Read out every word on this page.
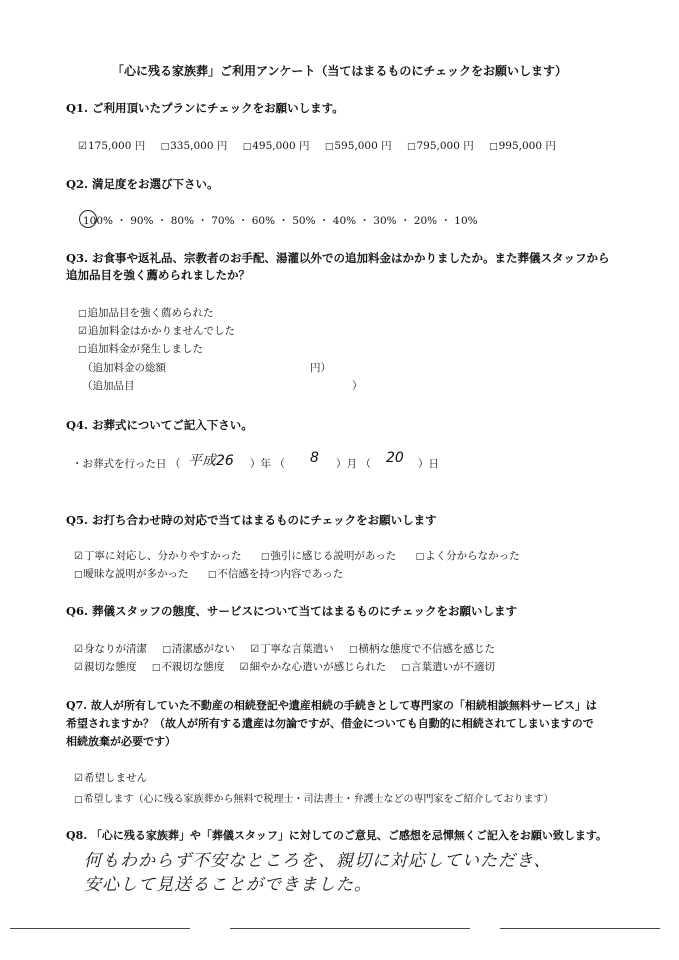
「心に残る家族葬」ご利用アンケート（当てはまるものにチェックをお願いします）
Q1. ご利用頂いたプランにチェックをお願いします。
☑ 175,000 円 □ 335,000 円 □ 495,000 円 □ 595,000 円 □ 795,000 円 □ 995,000 円
Q2. 満足度をお選び下さい。
100% ・ 90% ・ 80% ・ 70% ・ 60% ・ 50% ・ 40% ・ 30% ・ 20% ・ 10%
Q3. お食事や返礼品、宗教者のお手配、湯灌以外での追加料金はかかりましたか。また葬儀スタッフから
追加品目を強く薦められましたか？
□ 追加品目を強く薦められた
☑ 追加料金はかかりませんでした
□ 追加料金が発生しました
（追加料金の総額	円）
（追加品目	）
Q4. お葬式についてご記入下さい。
・お葬式を行った日 （ 平成26 ）年 （ 8 ）月 （ 20 ）日
Q5. お打ち合わせ時の対応で当てはまるものにチェックをお願いします
☑ 丁寧に対応し、分かりやすかった	□ 強引に感じる説明があった	□ よく分からなかった
□ 曖昧な説明が多かった	□ 不信感を持つ内容であった
Q6. 葬儀スタッフの態度、サービスについて当てはまるものにチェックをお願いします
☑ 身なりが清潔 □ 清潔感がない ☑ 丁寧な言葉遣い □ 横柄な態度で不信感を感じた
☑ 親切な態度 □ 不親切な態度 ☑ 細やかな心遣いが感じられた □ 言葉遣いが不適切
Q7. 故人が所有していた不動産の相続登記や遺産相続の手続きとして専門家の「相続相談無料サービス」は
希望されますか？（故人が所有する遺産は勿論ですが、借金についても自動的に相続されてしまいますので
相続放棄が必要です）
☑ 希望しません
□ 希望します（心に残る家族葬から無料で税理士・司法書士・弁護士などの専門家をご紹介しております）
Q8. 「心に残る家族葬」や「葬儀スタッフ」に対してのご意見、ご感想を忌憚無くご記入をお願い致します。
何もわからず不安なところを、親切に対応していただき、
安心して見送ることができました。
